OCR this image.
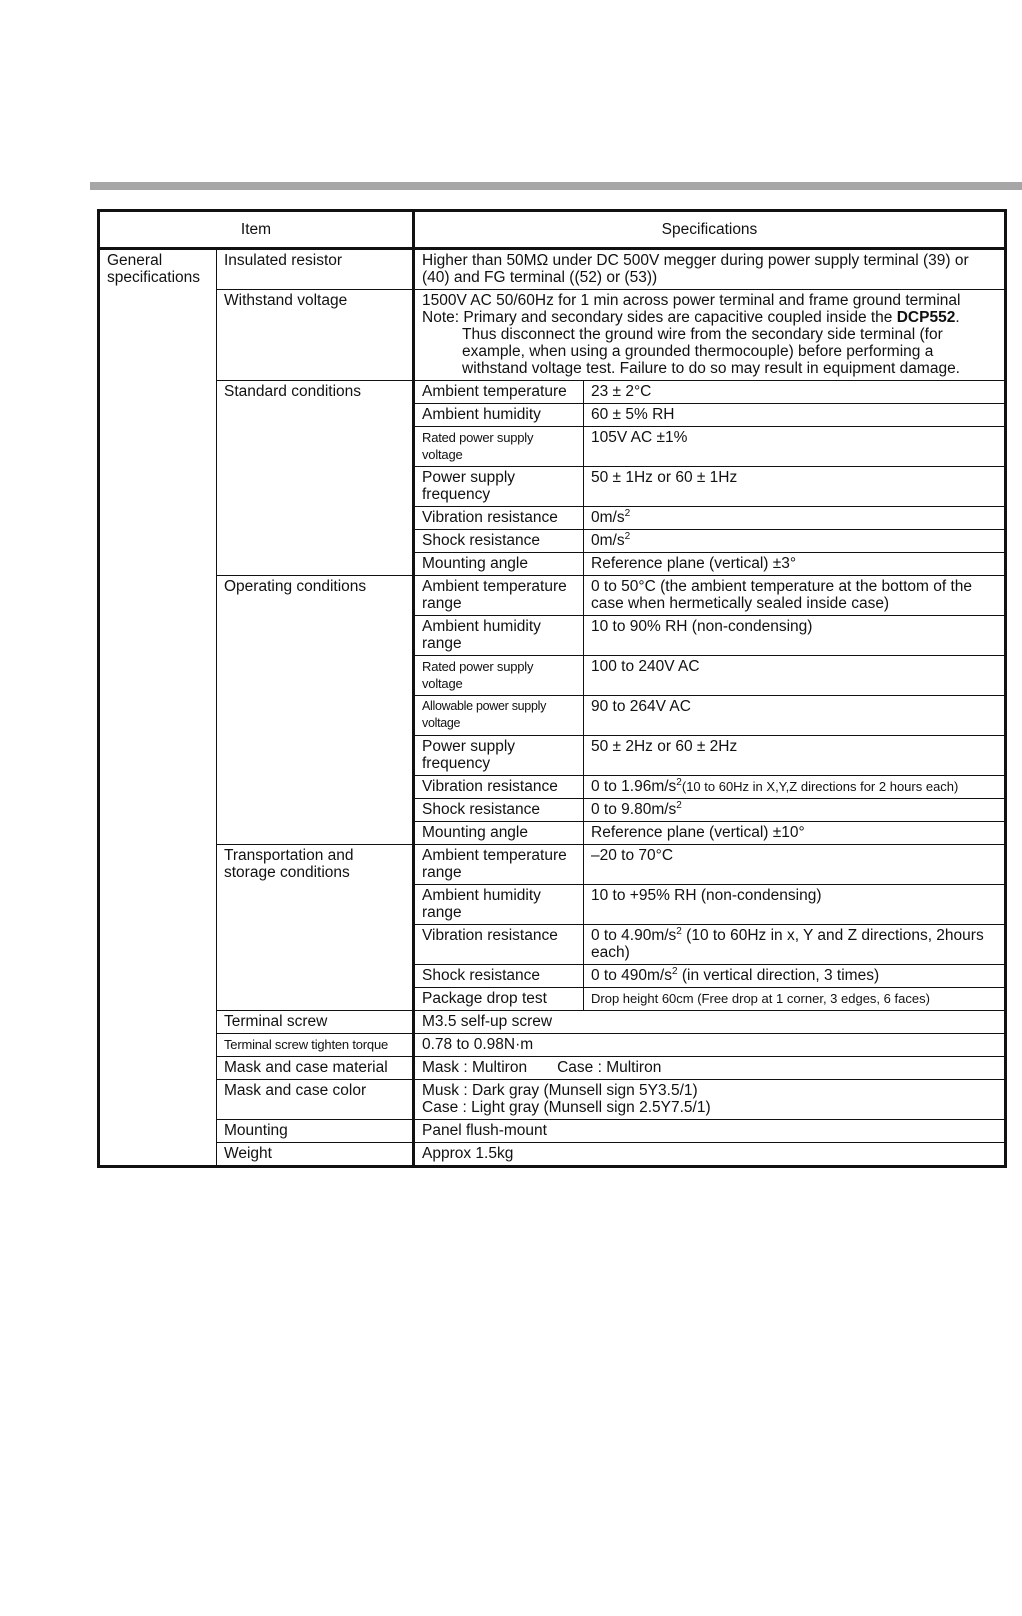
Item		Specifications	
General specifications	Insulated resistor	Higher than 50MΩ under DC 500V megger during power supply terminal (39) or (40) and FG terminal ((52) or (53))	
	Withstand voltage	1500V AC 50/60Hz for 1 min across power terminal and frame ground terminal
Note: Primary and secondary sides are capacitive coupled inside the DCP552.
Thus disconnect the ground wire from the secondary side terminal (for example, when using a grounded thermocouple) before performing a withstand voltage test. Failure to do so may result in equipment damage.	

	Standard conditions	Ambient temperature	23 ± 2°C
		Ambient humidity	60 ± 5% RH
		Rated power supply voltage	105V AC ±1%
		Power supply frequency	50 ± 1Hz or 60 ± 1Hz
		Vibration resistance	$0m/s^2$
		Shock resistance	$0m/s^2$
		Mounting angle	Reference plane (vertical) ±3°
	Operating conditions	Ambient temperature range	0 to 50°C (the ambient temperature at the bottom of the case when hermetically sealed inside case)
		Ambient humidity range	10 to 90% RH (non-condensing)
		Rated power supply voltage	100 to 240V AC
		Allowable power supply voltage	90 to 264V AC
		Power supply frequency	50 ± 2Hz or 60 ± 2Hz
		Vibration resistance	0 to $1.96m/s^2(10$ to 60Hz in X,Y,Z directions for 2 hours each)
		Shock resistance	0 to $9.80m/s^2$
		Mounting angle	Reference plane (vertical) ±10°
	Transportation and storage conditions	Ambient temperature range	–20 to 70°C
		Ambient humidity range	10 to +95% RH (non-condensing)
		Vibration resistance	0 to $4.90m/s^2$ (10 to 60Hz in x, Y and Z directions, 2hours each)
		Shock resistance	0 to $490m/s^2$ (in vertical direction, 3 times)
		Package drop test	Drop height 60cm (Free drop at 1 corner, 3 edges, 6 faces)
	Terminal screw	M3.5 self-up screw	
	Terminal screw tighten torque	0.78 to 0.98N·m	
	Mask and case material	Mask : Multiron Case : Multiron	
	Mask and case color	Musk : Dark gray (Munsell sign 5Y3.5/1)
Case : Light gray (Munsell sign 2.5Y7.5/1)	
	Mounting	Panel flush-mount	
	Weight	Approx 1.5kg	
